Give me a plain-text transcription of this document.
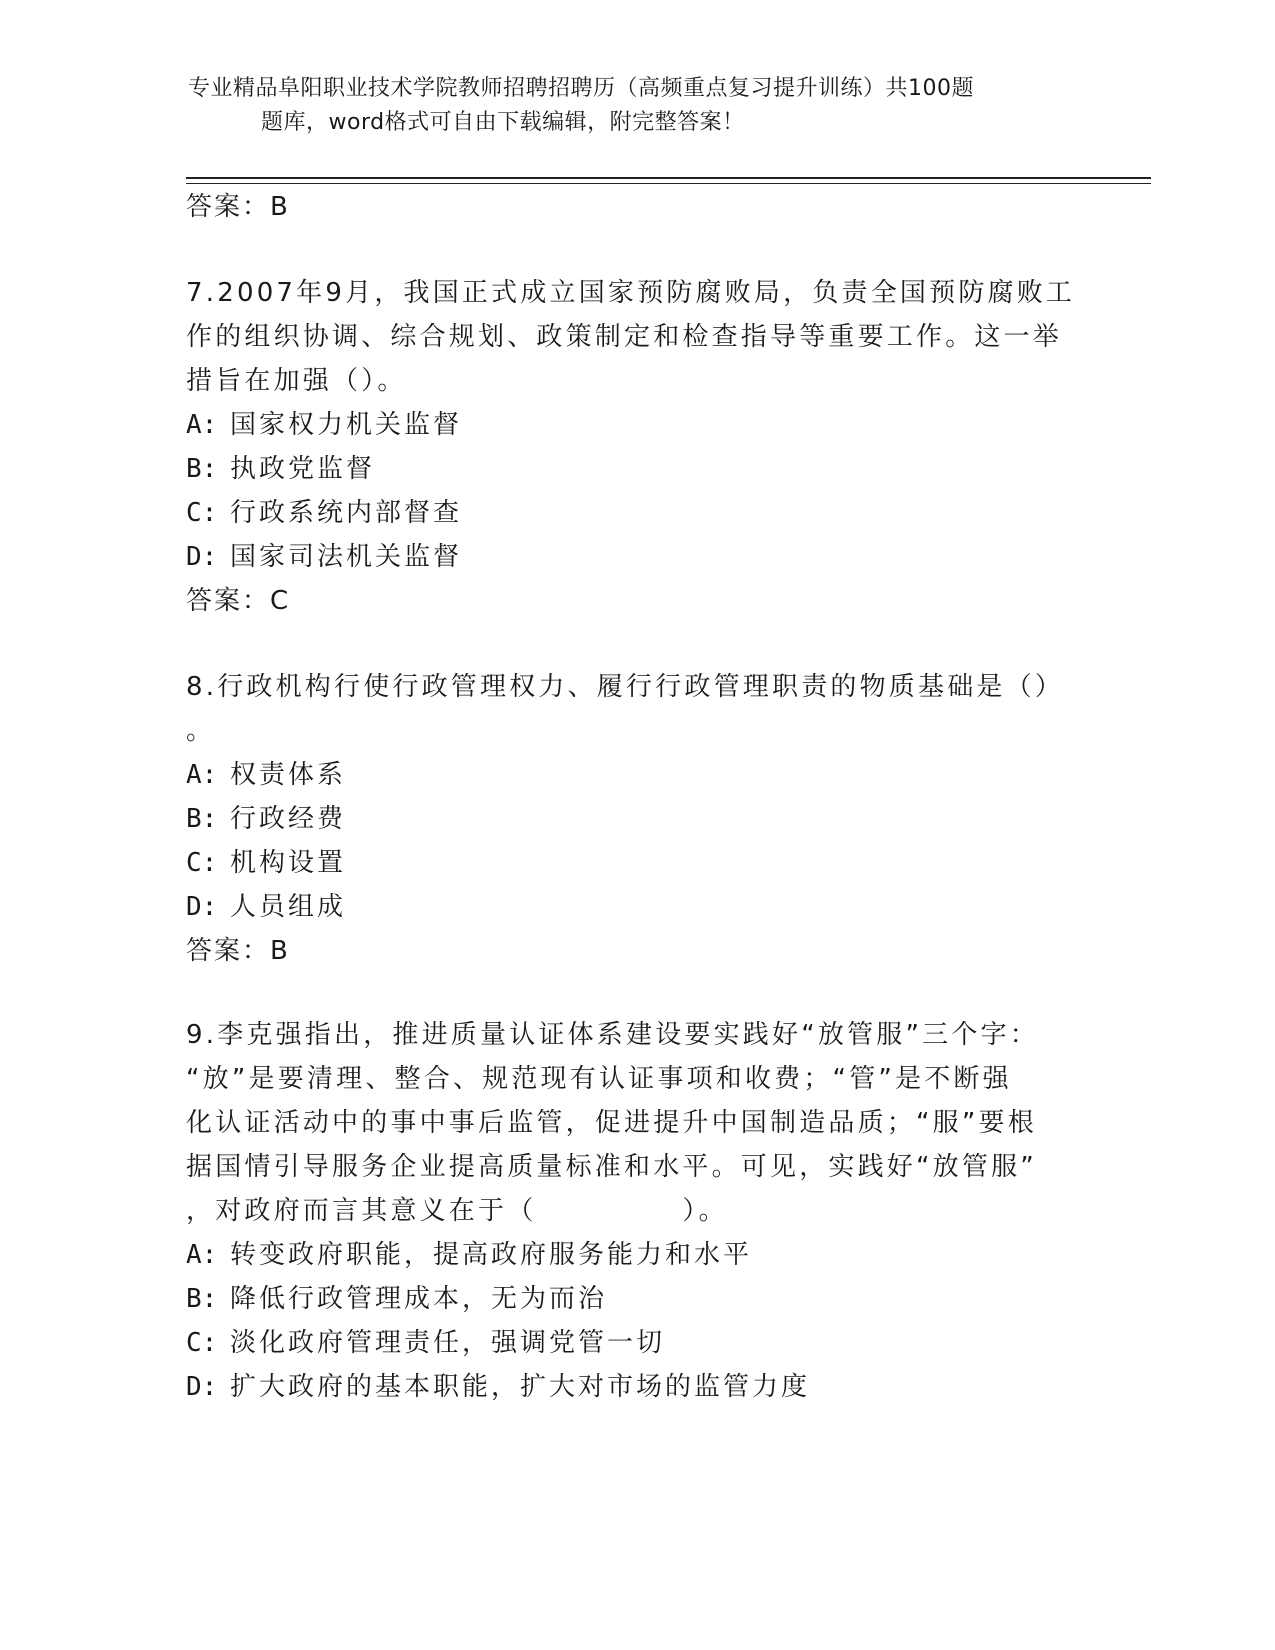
专业精品阜阳职业技术学院教师招聘招聘历（高频重点复习提升训练）共100题
题库，word格式可自由下载编辑，附完整答案！
答案：B
7.2007年9月，我国正式成立国家预防腐败局，负责全国预防腐败工
作的组织协调、综合规划、政策制定和检查指导等重要工作。这一举
措旨在加强（）。
A: 国家权力机关监督
B: 执政党监督
C: 行政系统内部督查
D: 国家司法机关监督
答案：C
8.行政机构行使行政管理权力、履行行政管理职责的物质基础是（）
。
A: 权责体系
B: 行政经费
C: 机构设置
D: 人员组成
答案：B
9.李克强指出，推进质量认证体系建设要实践好“放管服”三个字：
“放”是要清理、整合、规范现有认证事项和收费；“管”是不断强
化认证活动中的事中事后监管，促进提升中国制造品质；“服”要根
据国情引导服务企业提高质量标准和水平。可见，实践好“放管服”
，对政府而言其意义在于（　　　　　）。
A: 转变政府职能，提高政府服务能力和水平
B: 降低行政管理成本，无为而治
C: 淡化政府管理责任，强调党管一切
D: 扩大政府的基本职能，扩大对市场的监管力度
